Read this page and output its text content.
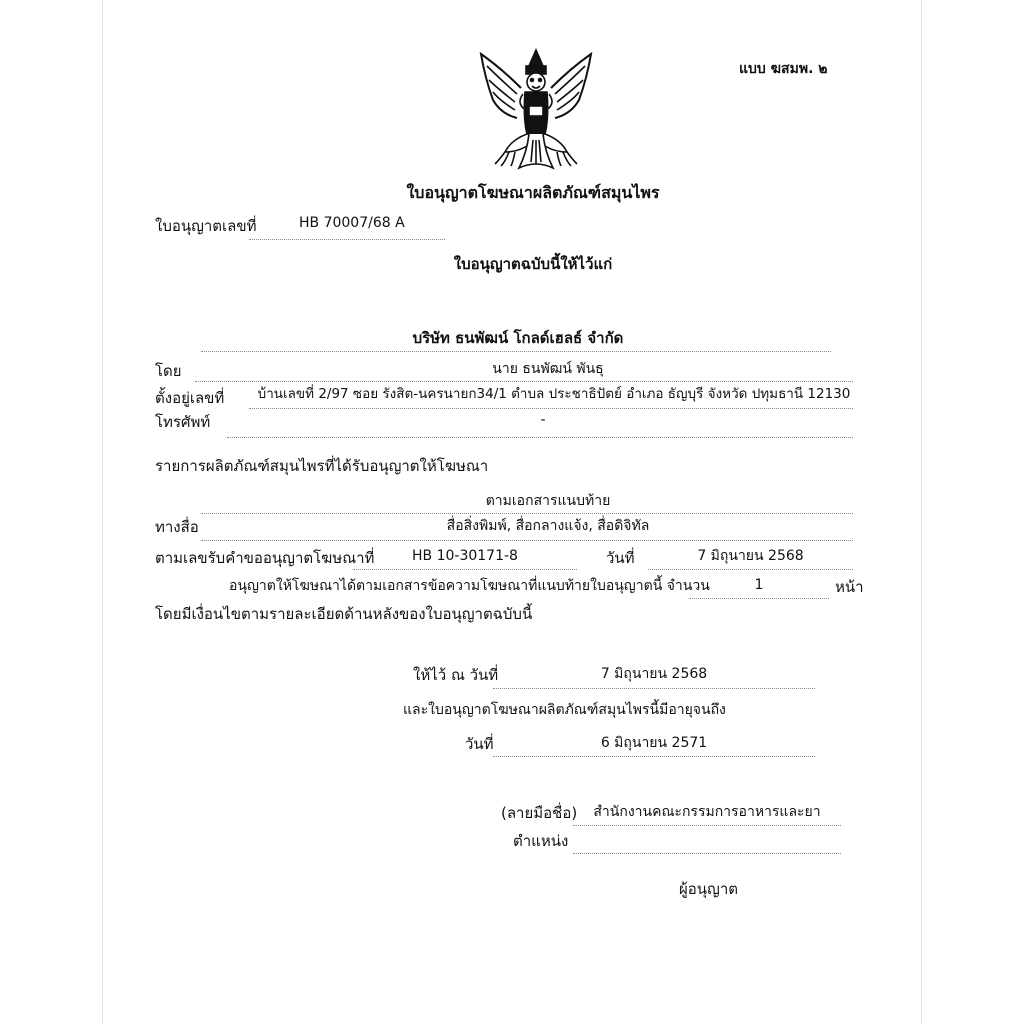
แบบ ฆสมพ. ๒
ใบอนุญาตโฆษณาผลิตภัณฑ์สมุนไพร
ใบอนุญาตเลขที่	HB 70007/68 A
ใบอนุญาตฉบับนี้ให้ไว้แก่
บริษัท ธนพัฒน์ โกลด์เฮลธ์ จำกัด
โดย	นาย ธนพัฒน์ พันธุ
ตั้งอยู่เลขที่	บ้านเลขที่ 2/97 ซอย รังสิต-นครนายก34/1 ตำบล ประชาธิปัตย์ อำเภอ ธัญบุรี จังหวัด ปทุมธานี 12130
โทรศัพท์	-
รายการผลิตภัณฑ์สมุนไพรที่ได้รับอนุญาตให้โฆษณา
ตามเอกสารแนบท้าย
ทางสื่อ	สื่อสิ่งพิมพ์, สื่อกลางแจ้ง, สื่อดิจิทัล
ตามเลขรับคำขออนุญาตโฆษณาที่	HB 10-30171-8	วันที่	7 มิถุนายน 2568
อนุญาตให้โฆษณาได้ตามเอกสารข้อความโฆษณาที่แนบท้ายใบอนุญาตนี้ จำนวน	1	หน้า
โดยมีเงื่อนไขตามรายละเอียดด้านหลังของใบอนุญาตฉบับนี้
ให้ไว้ ณ วันที่	7 มิถุนายน 2568
และใบอนุญาตโฆษณาผลิตภัณฑ์สมุนไพรนี้มีอายุจนถึง
วันที่	6 มิถุนายน 2571
(ลายมือชื่อ)	สำนักงานคณะกรรมการอาหารและยา
ตำแหน่ง
ผู้อนุญาต
